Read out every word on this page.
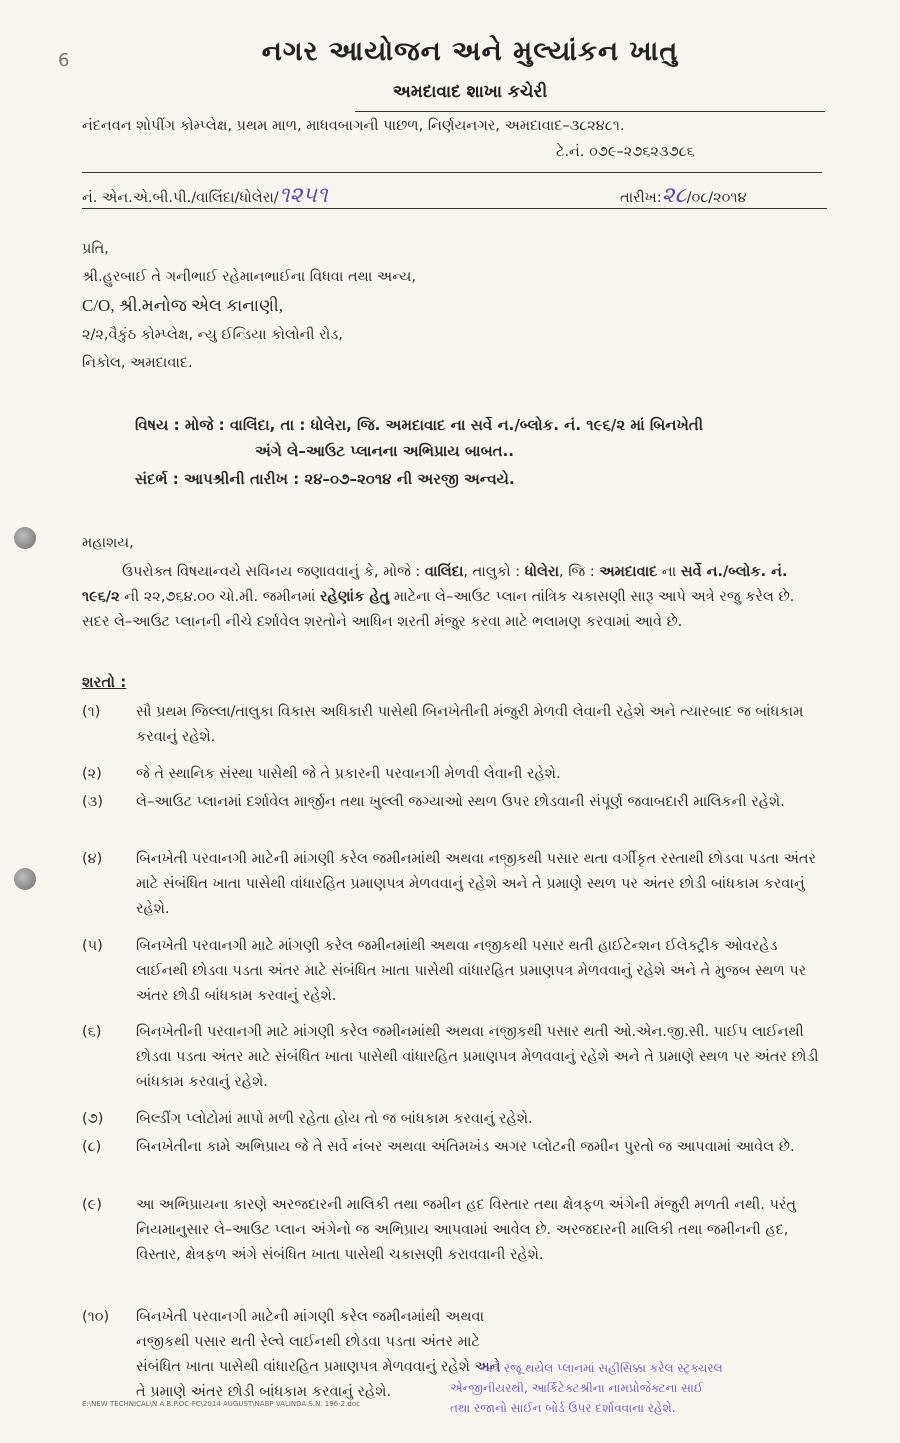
6	નગર આયોજન અને મુલ્યાંકન ખાતુ
અમદાવાદ શાખા કચેરી
નંદનવન શોપીંગ કોમ્પ્લેક્ષ, પ્રથમ માળ, માધવબાગની પાછળ, નિર્ણયનગર, અમદાવાદ–૩૮૨૪૮૧.
ટે.નં. ૦૭૯–૨૭૬૨૩૭૮૬
નં. એન.એ.બી.પી./વાલિંદા/ધોલેરા/૧૨૫૧	તારીખ:૨૮/૦૮/૨૦૧૪
પ્રતિ,
શ્રી.હુરબાઈ તે ગનીભાઈ રહેમાનભાઈના વિધવા તથા અન્ય,
C/O, શ્રી.મનોજ એલ કાનાણી,
૨/૨,વૈકુંઠ કોમ્પ્લેક્ષ, ન્યુ ઈન્ડિયા કોલોની રોડ,
નિકોલ, અમદાવાદ.
વિષય : મોજે : વાલિંદા, તા : ધોલેરા, જિ. અમદાવાદ ના સર્વે ન./બ્લોક. નં. ૧૯૬/૨ માં બિનખેતી
અંગે લે–આઉટ પ્લાનના અભિપ્રાય બાબત..
સંદર્ભ : આપશ્રીની તારીખ : ૨૪–૦૭–૨૦૧૪ ની અરજી અન્વયે.
મહાશય,
ઉપરોક્ત વિષયાન્વયે સવિનય જણાવવાનું કે, મોજે : વાલિંદા, તાલુકો : ધોલેરા, જિ : અમદાવાદ ના સર્વે ન./બ્લોક. નં. ૧૯૬/૨ ની ૨૨,૭૬૪.૦૦ ચો.મી. જમીનમાં રહેણાંક હેતુ માટેના લે–આઉટ પ્લાન તાંત્રિક ચકાસણી સારૂ આપે અત્રે રજુ કરેલ છે. સદર લે–આઉટ પ્લાનની નીચે દર્શાવેલ શરતોને આધિન શરતી મંજુર કરવા માટે ભલામણ કરવામાં આવે છે.
શરતો :
(૧)	સૌ પ્રથમ જિલ્લા/તાલુકા વિકાસ અધિકારી પાસેથી બિનખેતીની મંજુરી મેળવી લેવાની રહેશે અને ત્યારબાદ જ બાંધકામ કરવાનું રહેશે.
(૨)	જે તે સ્થાનિક સંસ્થા પાસેથી જે તે પ્રકારની પરવાનગી મેળવી લેવાની રહેશે.
(૩)	લે–આઉટ પ્લાનમાં દર્શાવેલ માર્જીન તથા ખુલ્લી જગ્યાઓ સ્થળ ઉપર છોડવાની સંપૂર્ણ જવાબદારી માલિકની રહેશે.
(૪)	બિનખેતી પરવાનગી માટેની માંગણી કરેલ જમીનમાંથી અથવા નજીકથી પસાર થતા વર્ગીકૃત રસ્તાથી છોડવા પડતા અંતર માટે સંબંધિત ખાતા પાસેથી વાંધારહિત પ્રમાણપત્ર મેળવવાનું રહેશે અને તે પ્રમાણે સ્થળ પર અંતર છોડી બાંધકામ કરવાનું રહેશે.
(૫)	બિનખેતી પરવાનગી માટે માંગણી કરેલ જમીનમાંથી અથવા નજીકથી પસાર થતી હાઈટેન્શન ઈલેક્ટ્રીક ઓવરહેડ લાઈનથી છોડવા પડતા અંતર માટે સંબંધિત ખાતા પાસેથી વાંધારહિત પ્રમાણપત્ર મેળવવાનું રહેશે અને તે મુજબ સ્થળ પર અંતર છોડી બાંધકામ કરવાનું રહેશે.
(૬)	બિનખેતીની પરવાનગી માટે માંગણી કરેલ જમીનમાંથી અથવા નજીકથી પસાર થતી ઓ.એન.જી.સી. પાઈપ લાઈનથી છોડવા પડતા અંતર માટે સંબંધિત ખાતા પાસેથી વાંધારહિત પ્રમાણપત્ર મેળવવાનું રહેશે અને તે પ્રમાણે સ્થળ પર અંતર છોડી બાંધકામ કરવાનું રહેશે.
(૭)	બિલ્ડીંગ પ્લોટોમાં માપો મળી રહેતા હોય તો જ બાંધકામ કરવાનું રહેશે.
(૮)	બિનખેતીના કામે અભિપ્રાય જે તે સર્વે નંબર અથવા અંતિમખંડ અગર પ્લોટની જમીન પુરતો જ આપવામાં આવેલ છે.
(૯)	આ અભિપ્રાયના કારણે અરજદારની માલિકી તથા જમીન હદ વિસ્તાર તથા ક્ષેત્રફળ અંગેની મંજુરી મળતી નથી. પરંતુ નિયમાનુસાર લે–આઉટ પ્લાન અંગેનો જ અભિપ્રાય આપવામાં આવેલ છે. અરજદારની માલિકી તથા જમીનની હદ, વિસ્તાર, ક્ષેત્રફળ અંગે સંબંધિત ખાતા પાસેથી ચકાસણી કરાવવાની રહેશે.
(૧૦)	બિનખેતી પરવાનગી માટેની માંગણી કરેલ જમીનમાંથી અથવા નજીકથી પસાર થતી રેલ્વે લાઈનથી છોડવા પડતા અંતર માટે સંબંધિત ખાતા પાસેથી વાંધારહિત પ્રમાણપત્ર મેળવવાનું રહેશે અને તે પ્રમાણે અંતર છોડી બાંધકામ કરવાનું રહેશે.
E:\NEW TECHNICAL\N A.B.P.OC-FC\2014 AUGUST\NABP VALINDA S.N. 196-2.doc
અત્રે રજૂ થયેલ પ્લાનમાં સહીસિક્કા કરેલ સ્ટ્રક્ચરલ
એન્જીનીયરથી, આર્કિટેક્ટશ્રીના નામપ્રોજેક્ટના સાઈ
તથા રજાનો સાઈન બોર્ડ ઉપર દર્શાવવાના રહેશે.
